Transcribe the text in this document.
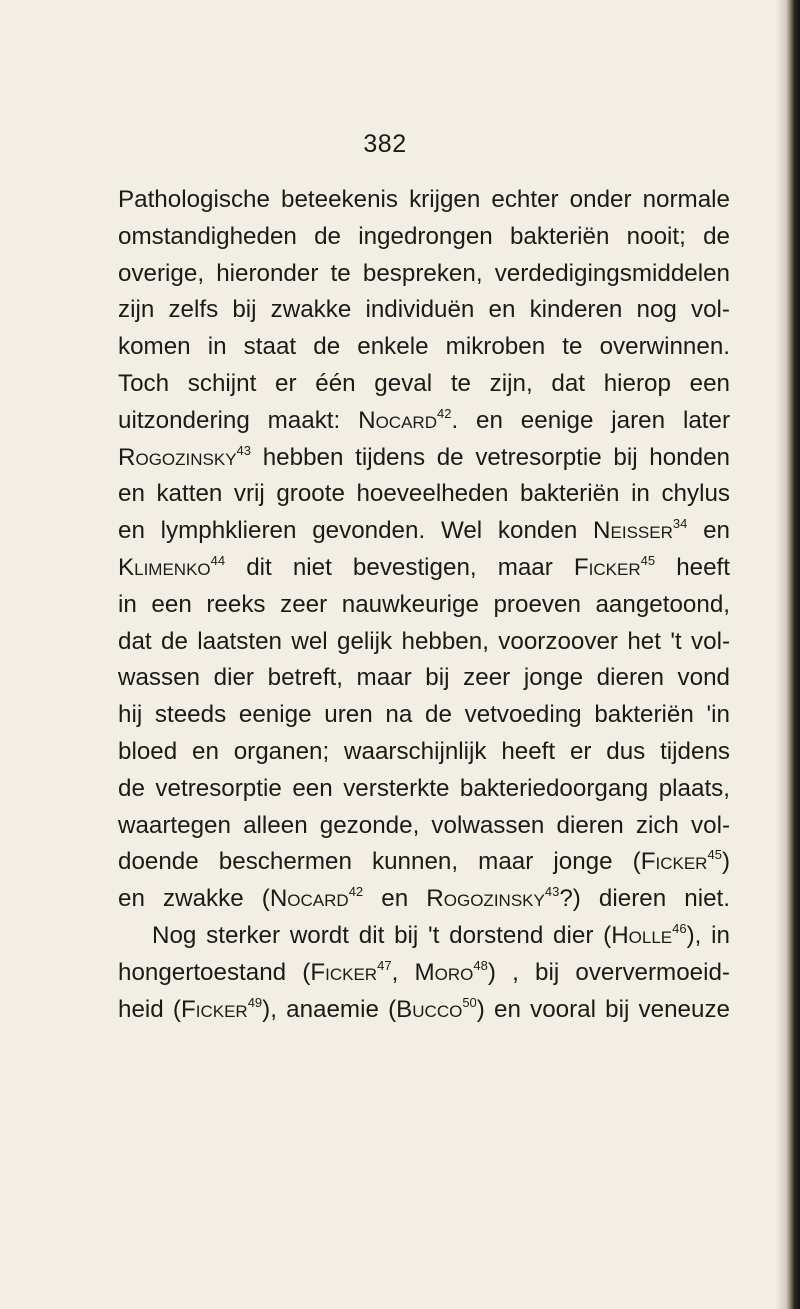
382
Pathologische beteekenis krijgen echter onder normale
omstandigheden de ingedrongen bakteriën nooit; de
overige, hieronder te bespreken, verdedigingsmiddelen
zijn zelfs bij zwakke individuën en kinderen nog vol-
komen in staat de enkele mikroben te overwinnen.
Toch schijnt er één geval te zijn, dat hierop een
uitzondering maakt: Nocard$^{42}$. en eenige jaren later
Rogozinsky$^{43}$ hebben tijdens de vetresorptie bij honden
en katten vrij groote hoeveelheden bakteriën in chylus
en lymphklieren gevonden. Wel konden Neisser$^{34}$ en
Klimenko$^{44}$ dit niet bevestigen, maar Ficker$^{45}$ heeft
in een reeks zeer nauwkeurige proeven aangetoond,
dat de laatsten wel gelijk hebben, voorzoover het 't vol-
wassen dier betreft, maar bij zeer jonge dieren vond
hij steeds eenige uren na de vetvoeding bakteriën 'in
bloed en organen; waarschijnlijk heeft er dus tijdens
de vetresorptie een versterkte bakteriedoorgang plaats,
waartegen alleen gezonde, volwassen dieren zich vol-
doende beschermen kunnen, maar jonge (Ficker$^{45}$)
en zwakke (Nocard$^{42}$ en Rogozinsky$^{43}$?) dieren niet.
Nog sterker wordt dit bij 't dorstend dier (Holle$^{46}$), in
hongertoestand (Ficker$^{47}$, Moro$^{48}$) , bij oververmoeid-
heid (Ficker$^{49}$), anaemie (Bucco$^{50}$) en vooral bij veneuze
